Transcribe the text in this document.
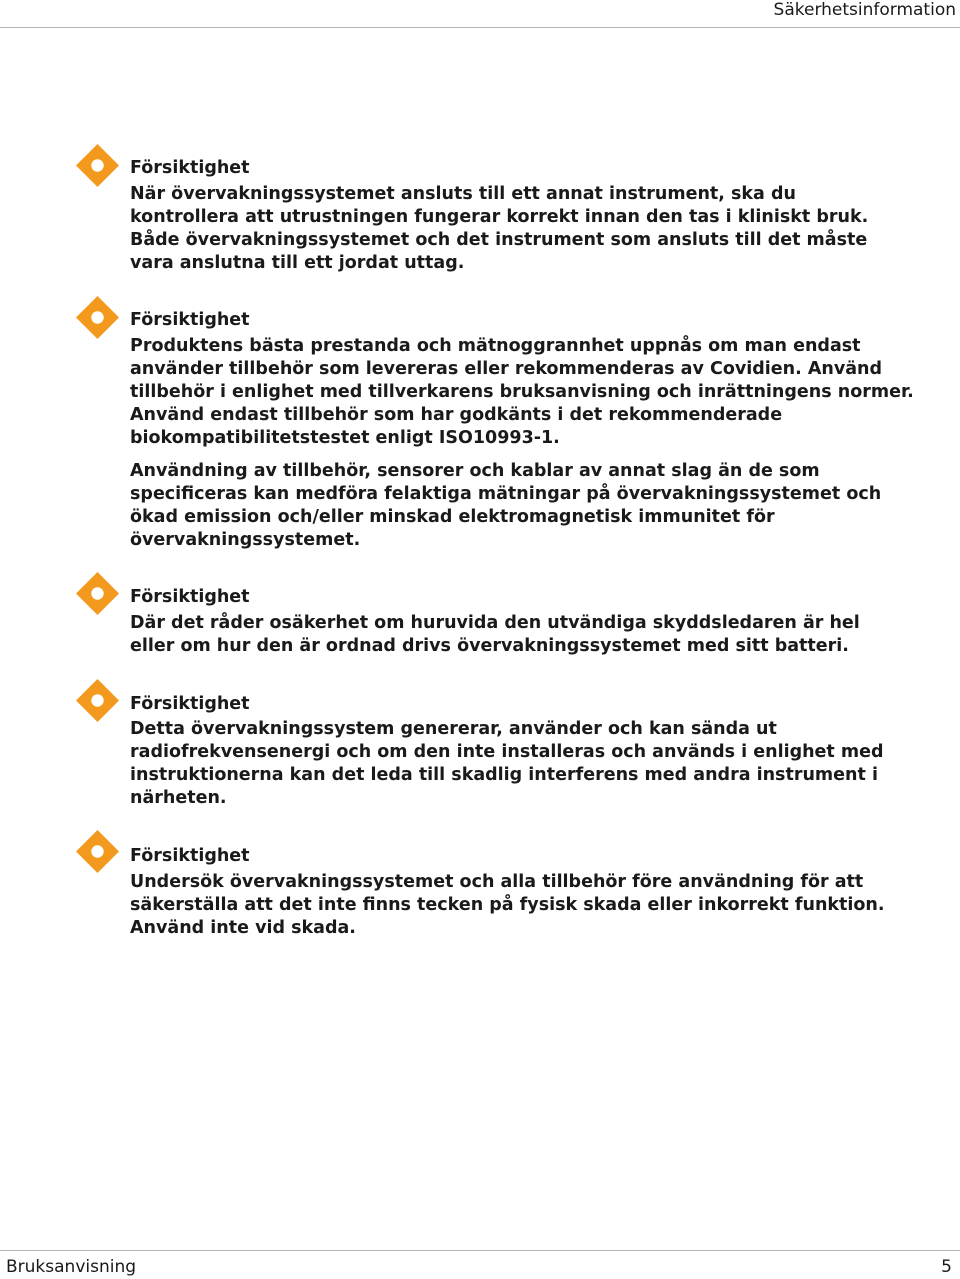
Säkerhetsinformation
Försiktighet
När övervakningssystemet ansluts till ett annat instrument, ska du
kontrollera att utrustningen fungerar korrekt innan den tas i kliniskt bruk.
Både övervakningssystemet och det instrument som ansluts till det måste
vara anslutna till ett jordat uttag.
Försiktighet
Produktens bästa prestanda och mätnoggrannhet uppnås om man endast
använder tillbehör som levereras eller rekommenderas av Covidien. Använd
tillbehör i enlighet med tillverkarens bruksanvisning och inrättningens normer.
Använd endast tillbehör som har godkänts i det rekommenderade
biokompatibilitetstestet enligt ISO10993-1.
Användning av tillbehör, sensorer och kablar av annat slag än de som
specificeras kan medföra felaktiga mätningar på övervakningssystemet och
ökad emission och/eller minskad elektromagnetisk immunitet för
övervakningssystemet.
Försiktighet
Där det råder osäkerhet om huruvida den utvändiga skyddsledaren är hel
eller om hur den är ordnad drivs övervakningssystemet med sitt batteri.
Försiktighet
Detta övervakningssystem genererar, använder och kan sända ut
radiofrekvensenergi och om den inte installeras och används i enlighet med
instruktionerna kan det leda till skadlig interferens med andra instrument i
närheten.
Försiktighet
Undersök övervakningssystemet och alla tillbehör före användning för att
säkerställa att det inte finns tecken på fysisk skada eller inkorrekt funktion.
Använd inte vid skada.
Bruksanvisning	5
